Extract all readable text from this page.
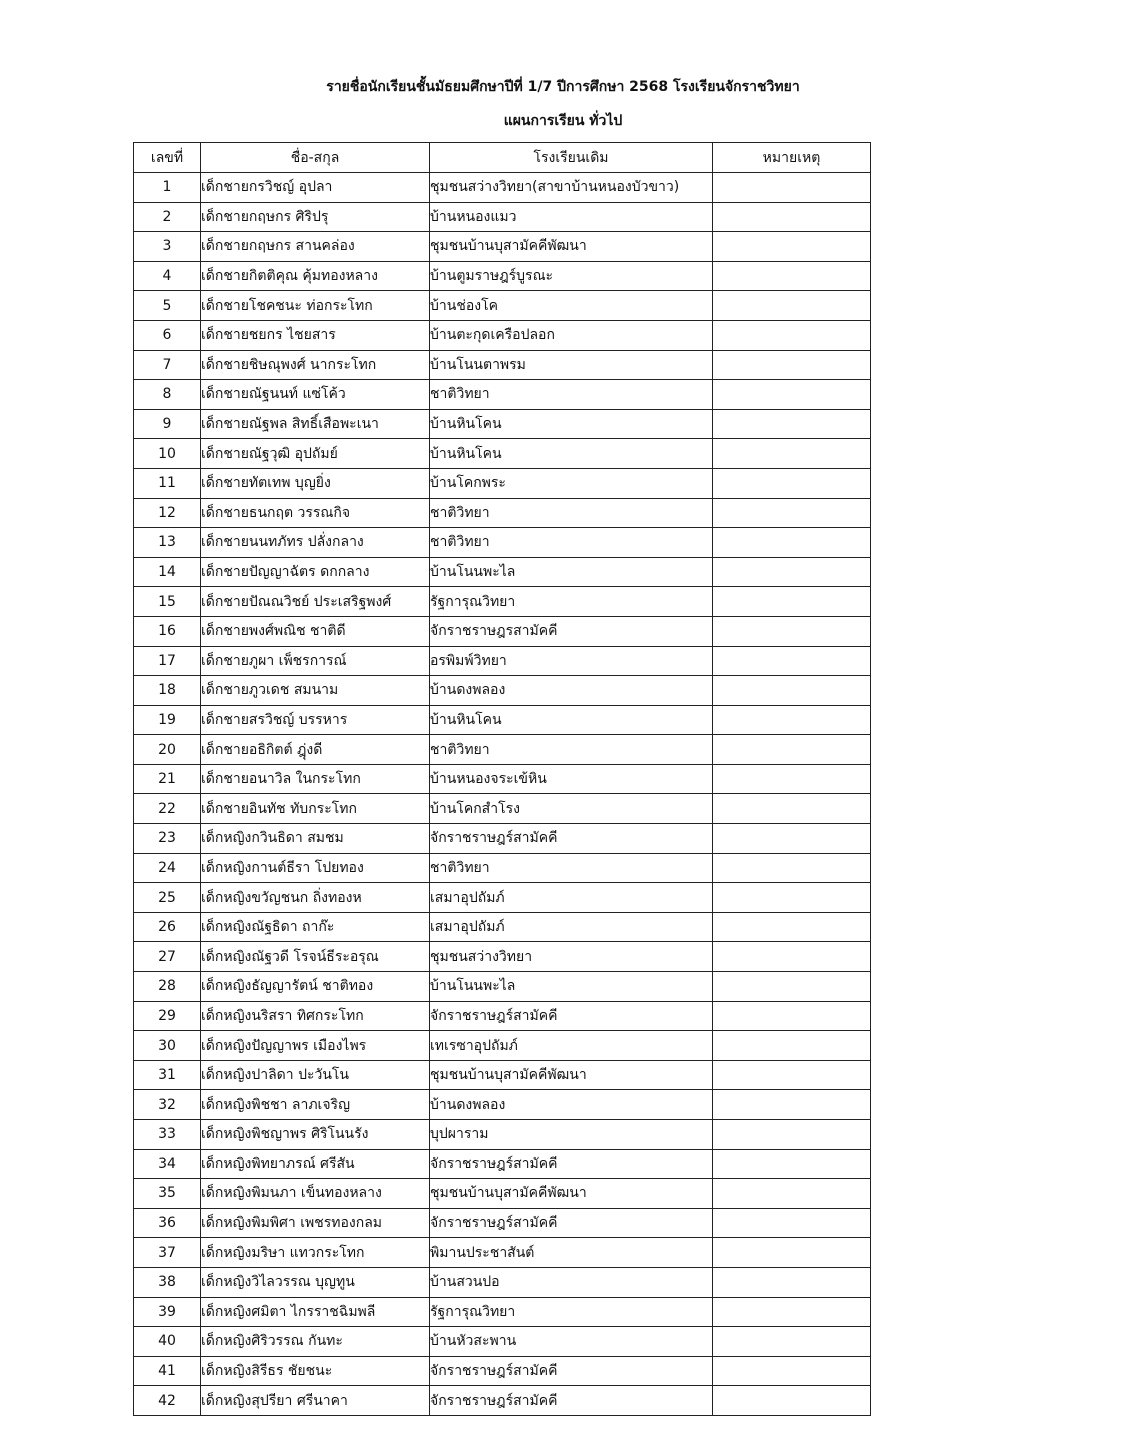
รายชื่อนักเรียนชั้นมัธยมศึกษาปีที่ 1/7 ปีการศึกษา 2568 โรงเรียนจักราชวิทยา
แผนการเรียน ทั่วไป
เลขที่	ชื่อ-สกุล	โรงเรียนเดิม	หมายเหตุ
1	เด็กชายกรวิชญ์ อุปลา	ชุมชนสว่างวิทยา(สาขาบ้านหนองบัวขาว)	
2	เด็กชายกฤษกร ศิริปรุ	บ้านหนองแมว	
3	เด็กชายกฤษกร สานคล่อง	ชุมชนบ้านบุสามัคคีพัฒนา	
4	เด็กชายกิตติคุณ คุ้มทองหลาง	บ้านตูมราษฎร์บูรณะ	
5	เด็กชายโชคชนะ ท่อกระโทก	บ้านช่องโค	
6	เด็กชายชยกร ไชยสาร	บ้านตะกุดเครือปลอก	
7	เด็กชายชิษณุพงศ์ นากระโทก	บ้านโนนตาพรม	
8	เด็กชายณัฐนนท์ แซ่โค้ว	ชาติวิทยา	
9	เด็กชายณัฐพล สิทธิ์เสือพะเนา	บ้านหินโคน	
10	เด็กชายณัฐวุฒิ อุปถัมย์	บ้านหินโคน	
11	เด็กชายทัตเทพ บุญยิ่ง	บ้านโคกพระ	
12	เด็กชายธนกฤต วรรณกิจ	ชาติวิทยา	
13	เด็กชายนนทภัทร ปลั่งกลาง	ชาติวิทยา	
14	เด็กชายปัญญาฉัตร ดกกลาง	บ้านโนนพะไล	
15	เด็กชายปัณณวิชย์ ประเสริฐพงศ์	รัฐการุณวิทยา	
16	เด็กชายพงศ์พณิช ชาติดี	จักราชราษฎรสามัคคี	
17	เด็กชายภูผา เพ็ชรการณ์	อรพิมพ์วิทยา	
18	เด็กชายภูวเดช สมนาม	บ้านดงพลอง	
19	เด็กชายสรวิชญ์ บรรหาร	บ้านหินโคน	
20	เด็กชายอธิกิตต์ ฎุ่งดี	ชาติวิทยา	
21	เด็กชายอนาวิล ในกระโทก	บ้านหนองจระเข้หิน	
22	เด็กชายอินทัช ทับกระโทก	บ้านโคกสำโรง	
23	เด็กหญิงกวินธิดา สมชม	จักราชราษฎร์สามัคคี	
24	เด็กหญิงกานต์ธีรา โปยทอง	ชาติวิทยา	
25	เด็กหญิงขวัญชนก ถิ่งทองห	เสมาอุปถัมภ์	
26	เด็กหญิงณัฐธิดา ถาก๊ะ	เสมาอุปถัมภ์	
27	เด็กหญิงณัฐวดี โรจน์ธีระอรุณ	ชุมชนสว่างวิทยา	
28	เด็กหญิงธัญญารัตน์ ชาติทอง	บ้านโนนพะไล	
29	เด็กหญิงนริสรา ทิศกระโทก	จักราชราษฎร์สามัคคี	
30	เด็กหญิงปัญญาพร เมืองไพร	เทเรซาอุปถัมภ์	
31	เด็กหญิงปาลิดา ปะวันโน	ชุมชนบ้านบุสามัคคีพัฒนา	
32	เด็กหญิงพิชชา ลาภเจริญ	บ้านดงพลอง	
33	เด็กหญิงพิชญาพร ศิริโนนรัง	บุปผาราม	
34	เด็กหญิงพิทยาภรณ์ ศรีสัน	จักราชราษฎร์สามัคคี	
35	เด็กหญิงพิมนภา เข็นทองหลาง	ชุมชนบ้านบุสามัคคีพัฒนา	
36	เด็กหญิงพิมพิศา เพชรทองกลม	จักราชราษฎร์สามัคคี	
37	เด็กหญิงมริษา แทวกระโทก	พิมานประชาสันต์	
38	เด็กหญิงวิไลวรรณ บุญทูน	บ้านสวนปอ	
39	เด็กหญิงศมิตา ไกรราชฉิมพลี	รัฐการุณวิทยา	
40	เด็กหญิงศิริวรรณ กันทะ	บ้านหัวสะพาน	
41	เด็กหญิงสิรีธร ชัยชนะ	จักราชราษฎร์สามัคคี	
42	เด็กหญิงสุปรียา ศรีนาคา	จักราชราษฎร์สามัคคี	
